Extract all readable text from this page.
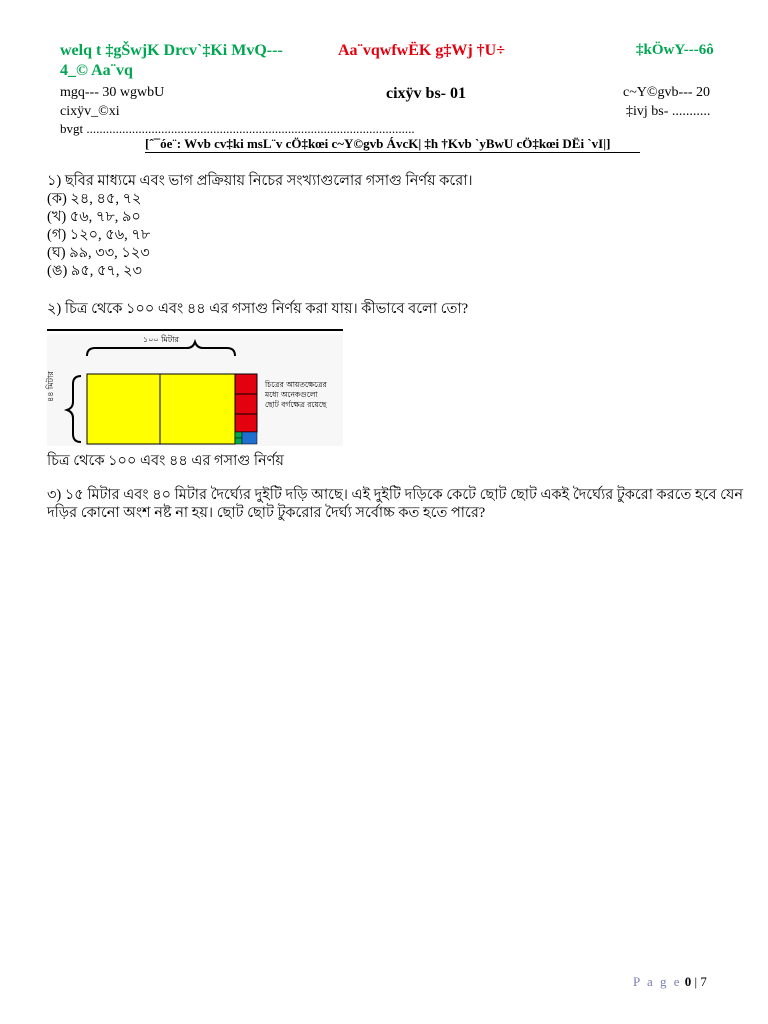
welq t ‡gŠwjK Drcv`‡Ki MvQ---
4_© Aa¨vq
Aa¨vqwfwËK g‡Wj †U÷	‡kÖwY---6ô
mgq--- 30 wgwbU	cixÿv bs- 01	c~Y©gvb--- 20
cixÿv_©xi	‡ivj bs- ...........
bvgt .....................................................................................................
[ˆ¯óe¨: Wvb cv‡ki msL¨v cÖ‡kœi c~Y©gvb ÁvcK| ‡h †Kvb `yBwU cÖ‡kœi DËi `vI|]
১) ছবির মাধ্যমে এবং ভাগ প্রক্রিয়ায় নিচের সংখ্যাগুলোর গসাগু নির্ণয় করো।
(ক) ২৪, ৪৫, ৭২
(খ) ৫৬, ৭৮, ৯০
(গ) ১২০, ৫৬, ৭৮
(ঘ) ৯৯, ৩৩, ১২৩
(ঙ) ৯৫, ৫৭, ২৩
২) চিত্র থেকে ১০০ এবং ৪৪ এর গসাগু নির্ণয় করা যায়। কীভাবে বলো তো?
১০০ মিটার
৪৪ মিটার	চিত্রের আয়তক্ষেত্রের
মধ্যে অনেকগুলো
ছোট বর্গক্ষেত্র রয়েছে
চিত্র থেকে ১০০ এবং ৪৪ এর গসাগু নির্ণয়
৩) ১৫ মিটার এবং ৪০ মিটার দৈর্ঘ্যের দুইটি দড়ি আছে। এই দুইটি দড়িকে কেটে ছোট ছোট একই দৈর্ঘ্যের টুকরো করতে হবে যেন
দড়ির কোনো অংশ নষ্ট না হয়। ছোট ছোট টুকরোর দৈর্ঘ্য সর্বোচ্চ কত হতে পারে?
P a g e 0 | 7
